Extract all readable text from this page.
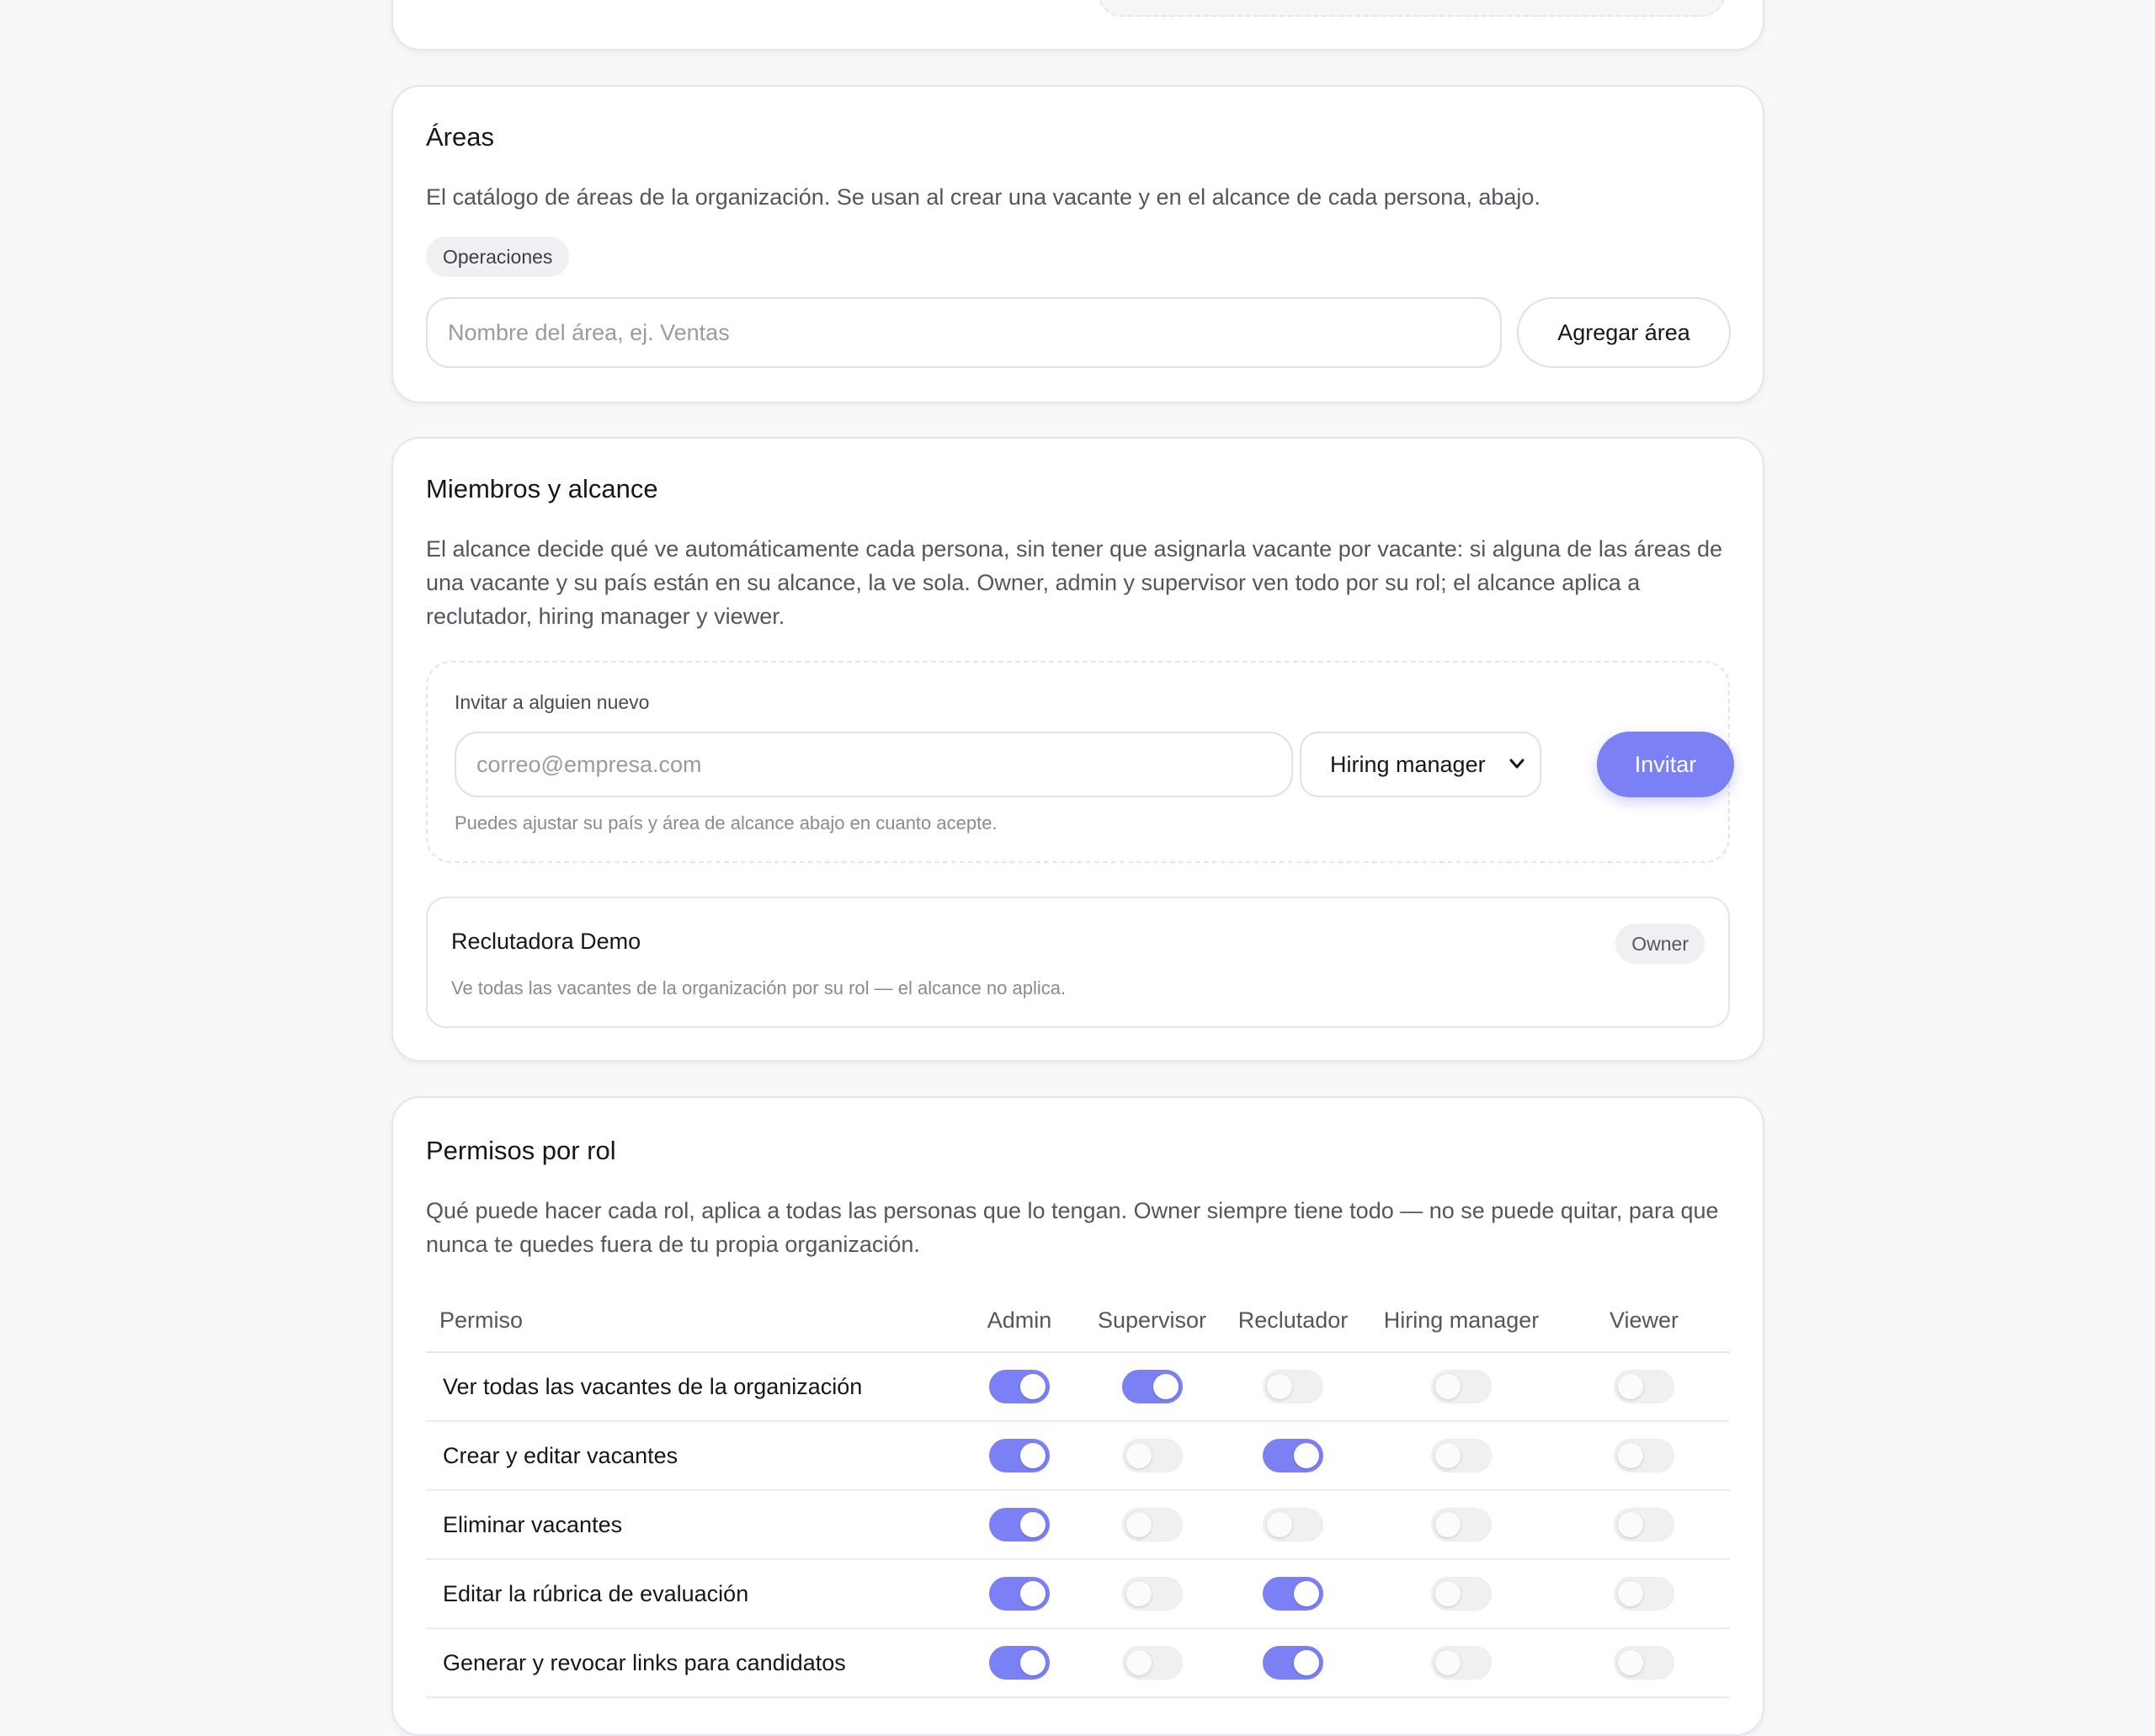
Áreas

El catálogo de áreas de la organización. Se usan al crear una vacante y en el alcance de cada persona, abajo.

Operaciones
Nombre del área, ej. Ventas	Agregar área
Miembros y alcance

El alcance decide qué ve automáticamente cada persona, sin tener que asignarla vacante por vacante: si alguna de las áreas de una vacante y su país están en su alcance, la ve sola. Owner, admin y supervisor ven todo por su rol; el alcance aplica a reclutador, hiring manager y viewer.

Invitar a alguien nuevo
correo@empresa.com	Hiring manager	Invitar
Puedes ajustar su país y área de alcance abajo en cuanto acepte.
Reclutadora Demo	Owner
Ve todas las vacantes de la organización por su rol — el alcance no aplica.
Permisos por rol

Qué puede hacer cada rol, aplica a todas las personas que lo tengan. Owner siempre tiene todo — no se puede quitar, para que nunca te quedes fuera de tu propia organización.

Permiso	Admin	Supervisor	Reclutador	Hiring manager	Viewer
Ver todas las vacantes de la organización	

Crear y editar vacantes	

Eliminar vacantes	

Editar la rúbrica de evaluación	

Generar y revocar links para candidatos	
